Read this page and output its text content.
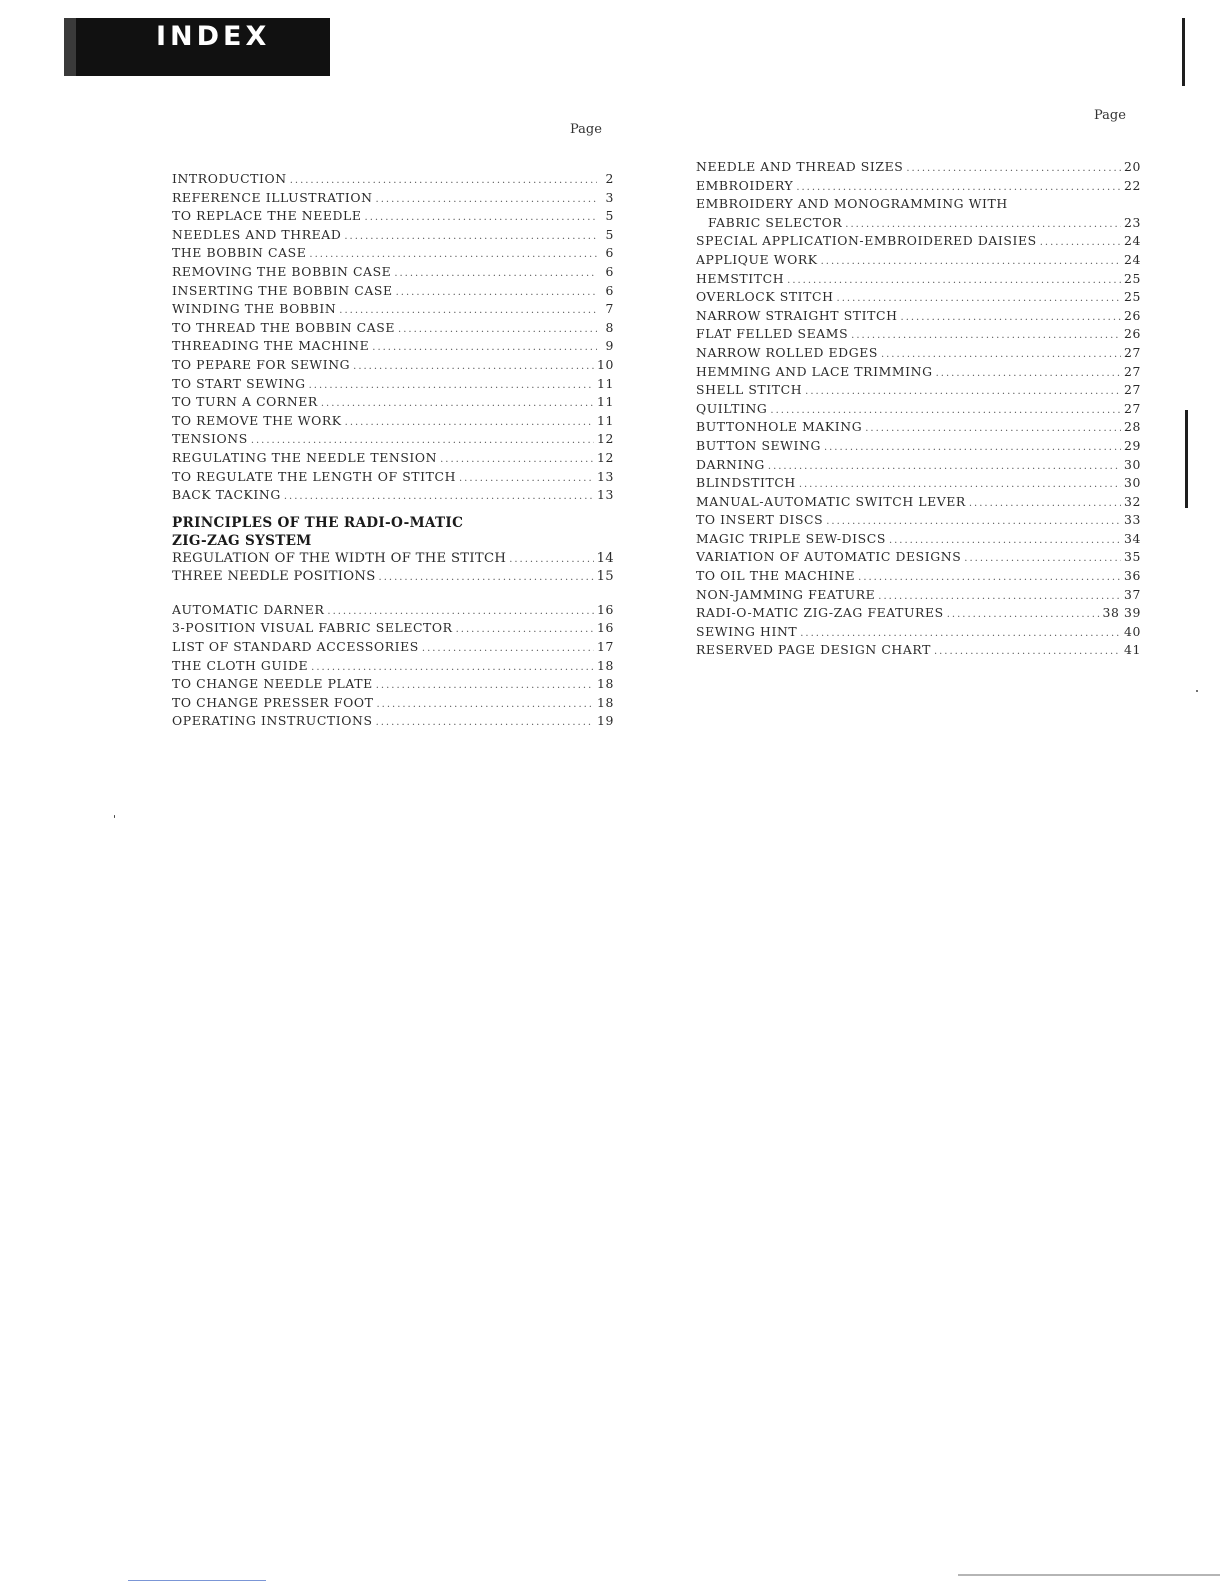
INDEX
Page
Page
INTRODUCTION .....	2
REFERENCE ILLUSTRATION .....	3
TO REPLACE THE NEEDLE .....	5
NEEDLES AND THREAD .....	5
THE BOBBIN CASE .....	6
REMOVING THE BOBBIN CASE .....	6
INSERTING THE BOBBIN CASE .....	6
WINDING THE BOBBIN .....	7
TO THREAD THE BOBBIN CASE .....	8
THREADING THE MACHINE .....	9
TO PEPARE FOR SEWING .....	10
TO START SEWING .....	11
TO TURN A CORNER .....	11
TO REMOVE THE WORK .....	11
TENSIONS .....	12
REGULATING THE NEEDLE TENSION .....	12
TO REGULATE THE LENGTH OF STITCH .....	13
BACK TACKING .....	13
PRINCIPLES OF THE RADI-O-MATIC
ZIG-ZAG SYSTEM
REGULATION OF THE WIDTH OF THE STITCH .....	14
THREE NEEDLE POSITIONS .....	15
AUTOMATIC DARNER .....	16
3-POSITION VISUAL FABRIC SELECTOR .....	16
LIST OF STANDARD ACCESSORIES .....	17
THE CLOTH GUIDE .....	18
TO CHANGE NEEDLE PLATE .....	18
TO CHANGE PRESSER FOOT .....	18
OPERATING INSTRUCTIONS .....	19
NEEDLE AND THREAD SIZES .....	20
EMBROIDERY .....	22
EMBROIDERY AND MONOGRAMMING WITH
FABRIC SELECTOR .....	23
SPECIAL APPLICATION-EMBROIDERED DAISIES .....	24
APPLIQUE WORK .....	24
HEMSTITCH .....	25
OVERLOCK STITCH .....	25
NARROW STRAIGHT STITCH .....	26
FLAT FELLED SEAMS .....	26
NARROW ROLLED EDGES .....	27
HEMMING AND LACE TRIMMING .....	27
SHELL STITCH .....	27
QUILTING .....	27
BUTTONHOLE MAKING .....	28
BUTTON SEWING .....	29
DARNING .....	30
BLINDSTITCH .....	30
MANUAL-AUTOMATIC SWITCH LEVER .....	32
TO INSERT DISCS .....	33
MAGIC TRIPLE SEW-DISCS .....	34
VARIATION OF AUTOMATIC DESIGNS .....	35
TO OIL THE MACHINE .....	36
NON-JAMMING FEATURE .....	37
RADI-O-MATIC ZIG-ZAG FEATURES .....	38 39
SEWING HINT .....	40
RESERVED PAGE DESIGN CHART .....	41
